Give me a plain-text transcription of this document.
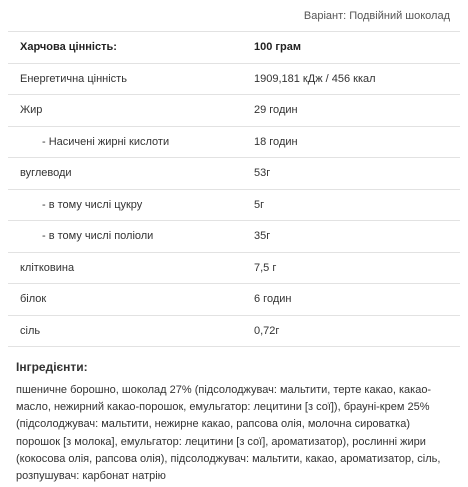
Варіант: Подвійний шоколад
Харчова цінність:	100 грам
Енергетична цінність	1909,181 кДж / 456 ккал
Жир	29 годин
- Насичені жирні кислоти	18 годин
вуглеводи	53г
- в тому числі цукру	5г
- в тому числі поліоли	35г
клітковина	7,5 г
білок	6 годин
сіль	0,72г
Інгредієнти:
пшеничне борошно, шоколад 27% (підсолоджувач: мальтити, терте какао, какао-масло, нежирний какао-порошок, емульгатор: лецитини [з сої]), брауні-крем 25% (підсолоджувач: мальтити, нежирне какао, рапсова олія, молочна сироватка) порошок [з молока], емульгатор: лецитини [з сої], ароматизатор), рослинні жири (кокосова олія, рапсова олія), підсолоджувач: мальтити, какао, ароматизатор, сіль, розпушувач: карбонат натрію
